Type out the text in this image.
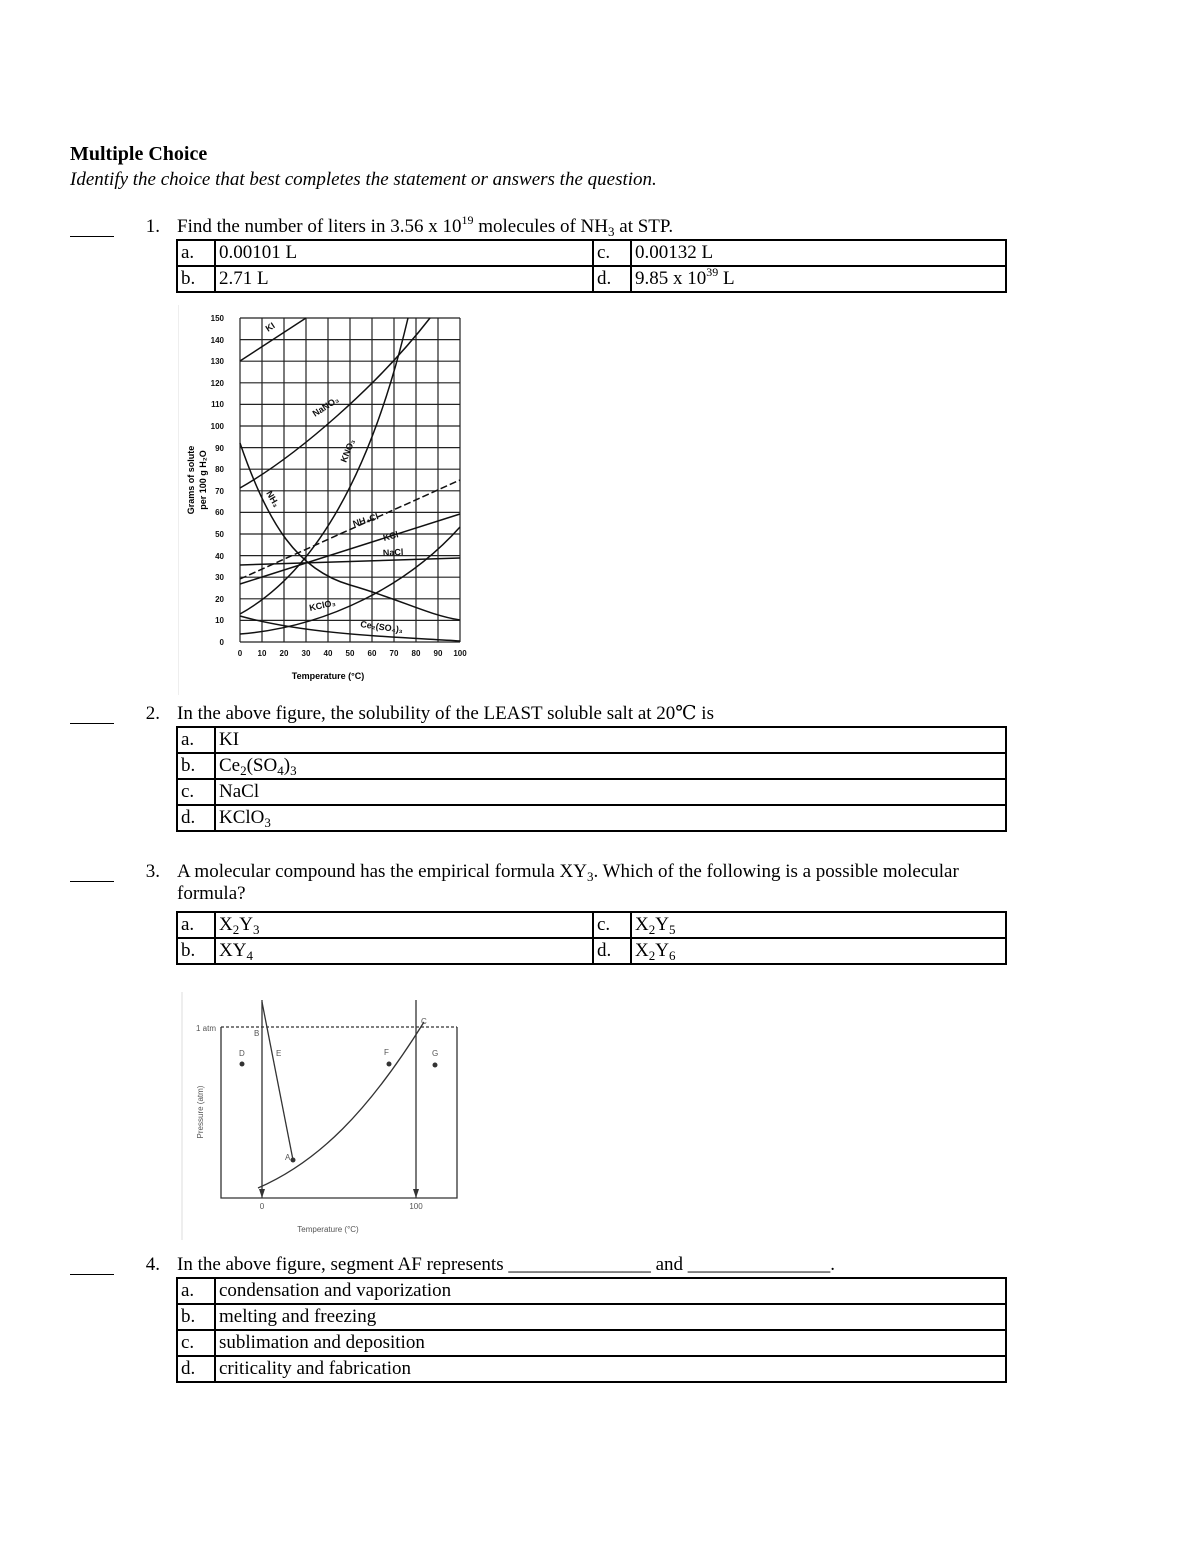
Multiple Choice
Identify the choice that best completes the statement or answers the question.
1. Find the number of liters in 3.56 x $10^{19}$ molecules of $NH_3$ at STP.
a.	0.00101 L	c.	0.00132 L
b.	2.71 L	d.	9.85 x $10^{39}$ L
150
140
130
120
110
100
90
80
70
60
50
40
30
20
10
0
0 10 20 30 40 50 60 70 80 90 100
Temperature (°C)
Grams of solute per 100 g H₂O
KI
NaNO₃
KNO₃
NH₃
NH₄Cl
KCl
NaCl
KClO₃
Ce₂(SO₄)₃
2. In the above figure, the solubility of the LEAST soluble salt at 20℃ is
a.	KI
b.	$Ce_2(SO_4)_3$
c.	NaCl
d.	KClO$_3$
3. A molecular compound has the empirical formula $XY_3$. Which of the following is a possible molecular
formula?
a.	$X_2Y_3$	c.	$X_2Y_5$
b.	$XY_4$	d.	$X_2Y_6$
1 atm
Pressure (atm)
0	100
Temperature (°C)
A
B
C
D	E	F	G
4. In the above figure, segment AF represents _______________ and _______________.
a.	condensation and vaporization
b.	melting and freezing
c.	sublimation and deposition
d.	criticality and fabrication
